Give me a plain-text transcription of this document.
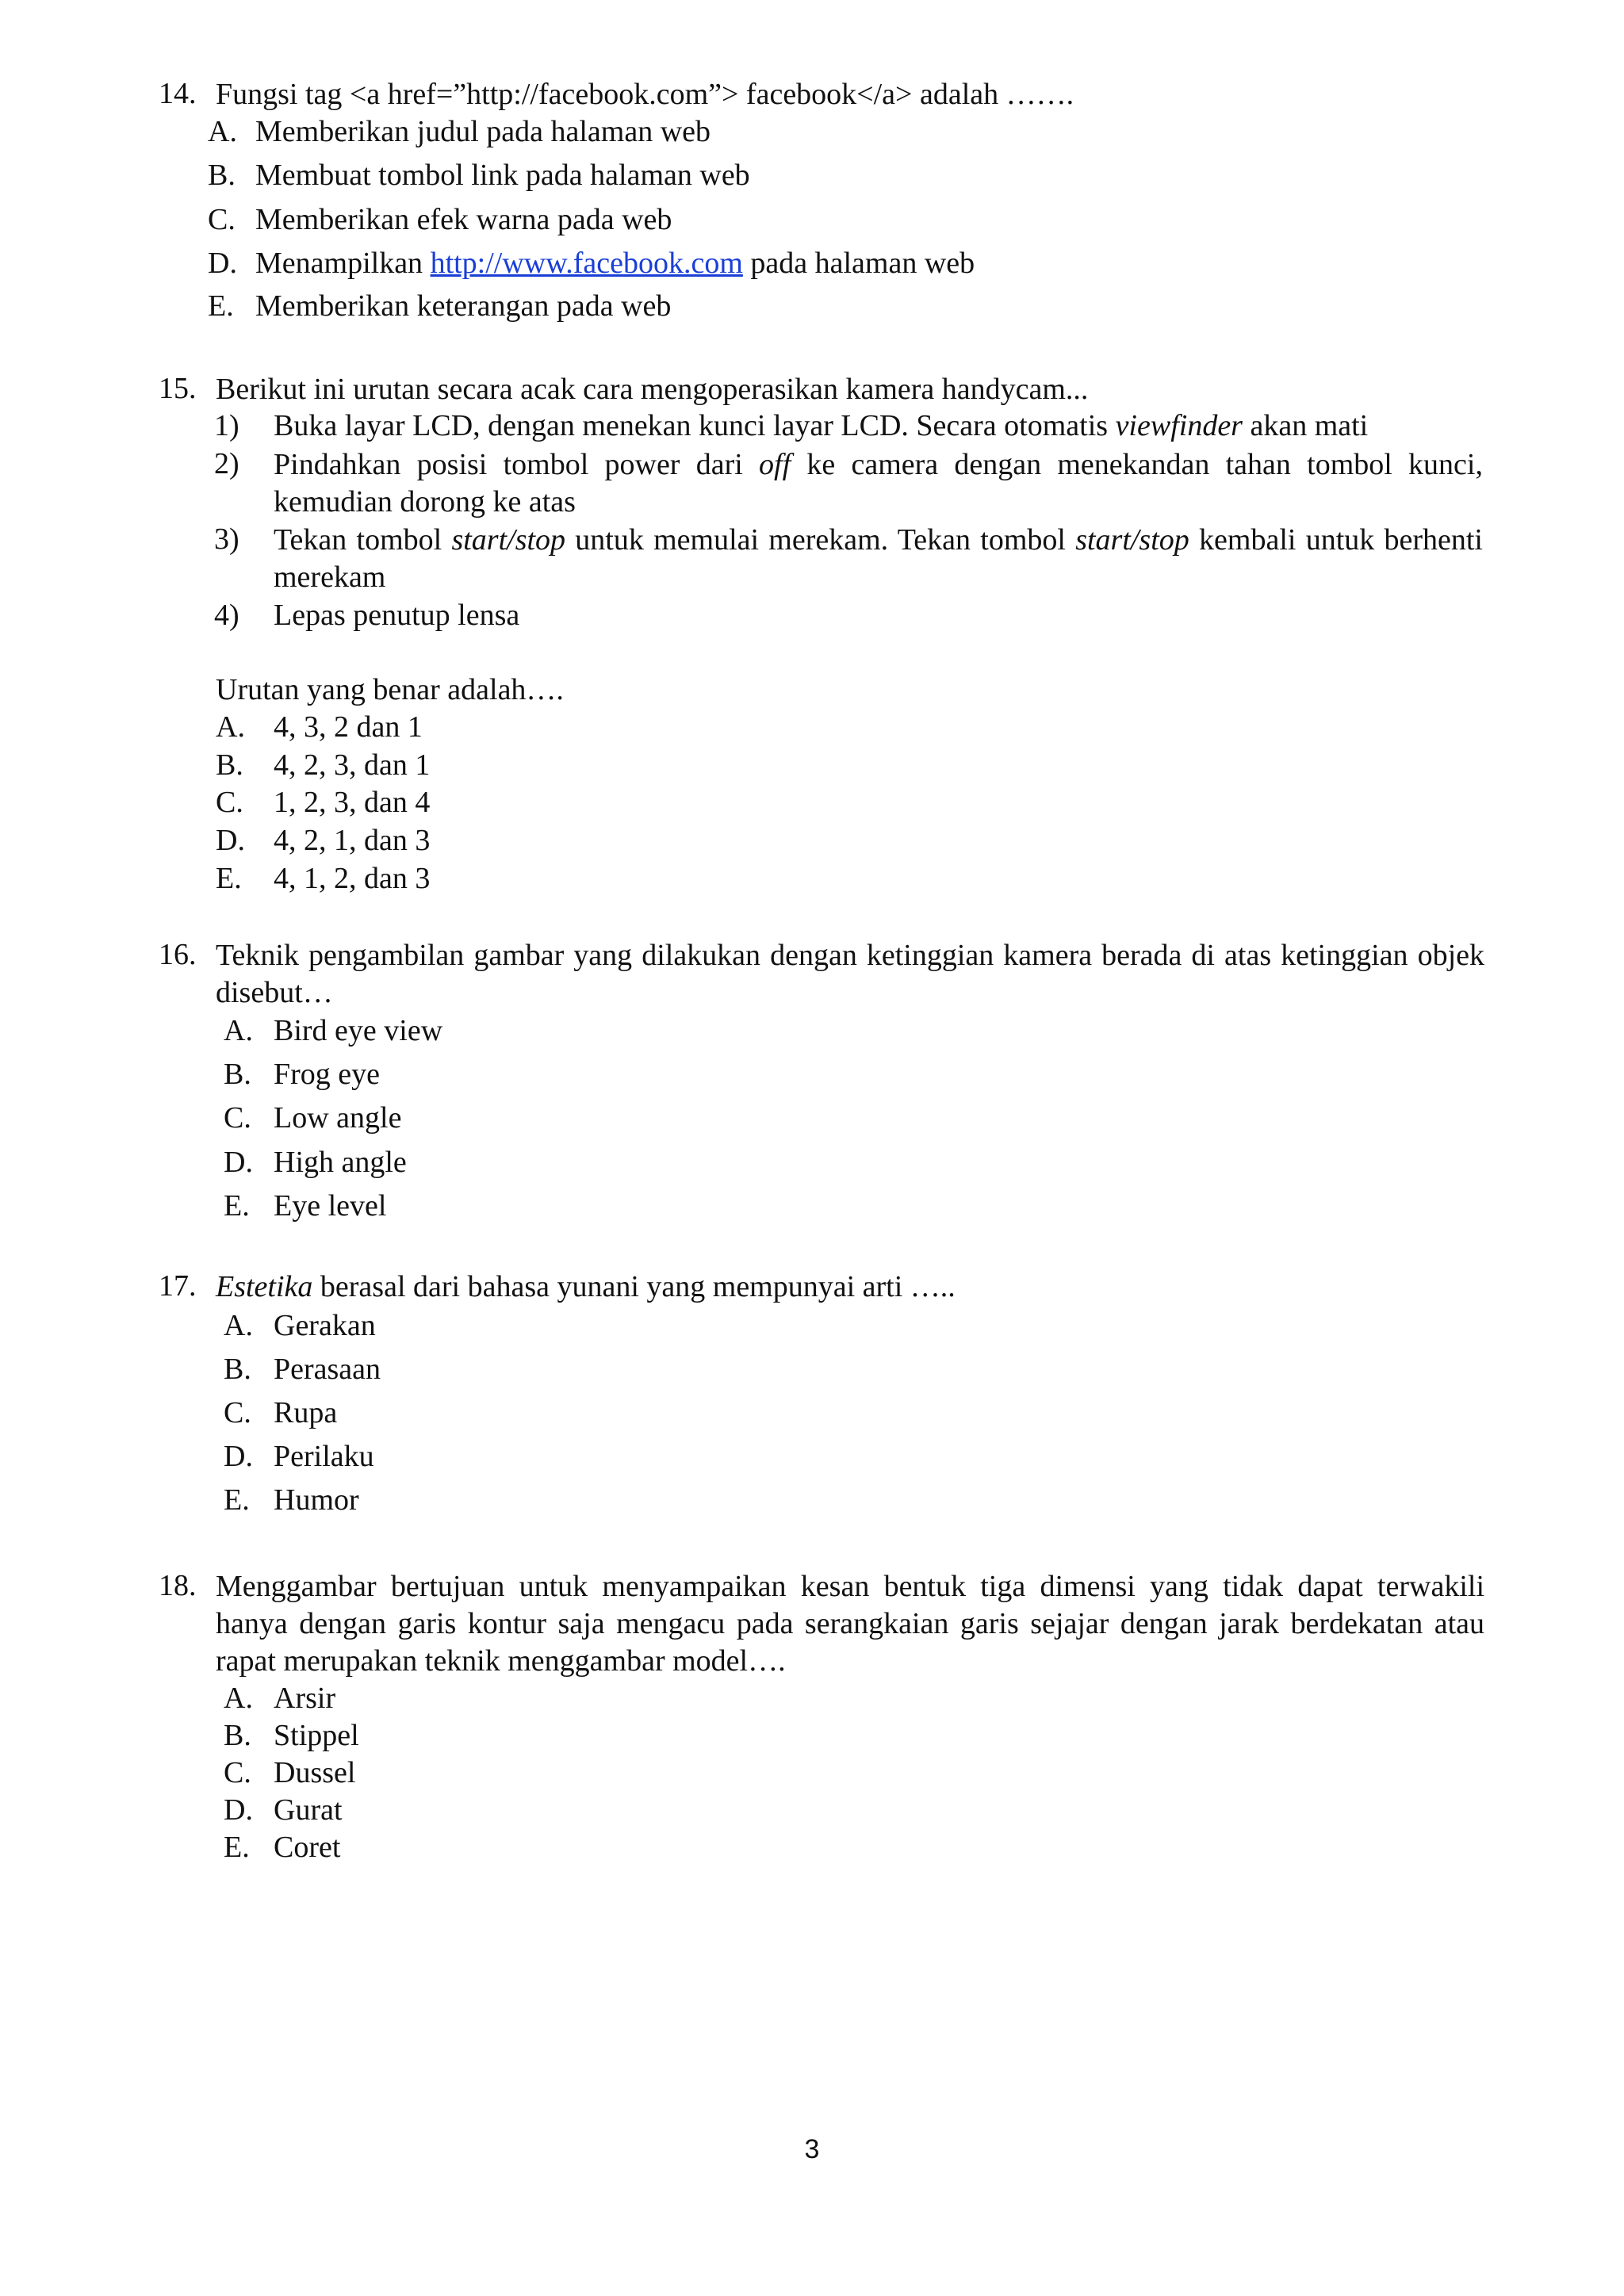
14. Fungsi tag <a href=”http://facebook.com”> facebook</a> adalah …….
A. Memberikan judul pada halaman web
B. Membuat tombol link pada halaman web
C. Memberikan efek warna pada web
D. Menampilkan http://www.facebook.com pada halaman web
E. Memberikan keterangan pada web
15. Berikut ini urutan secara acak cara mengoperasikan kamera handycam...
1) Buka layar LCD, dengan menekan kunci layar LCD. Secara otomatis viewfinder akan mati
2) Pindahkan posisi tombol power dari off ke camera dengan menekandan tahan tombol kunci, kemudian dorong ke atas
3) Tekan tombol start/stop untuk memulai merekam. Tekan tombol start/stop kembali untuk berhenti merekam
4) Lepas penutup lensa
Urutan yang benar adalah….
A. 4, 3, 2 dan 1
B. 4, 2, 3, dan 1
C. 1, 2, 3, dan 4
D. 4, 2, 1, dan 3
E. 4, 1, 2, dan 3
16. Teknik pengambilan gambar yang dilakukan dengan ketinggian kamera berada di atas ketinggian objek disebut…
A. Bird eye view
B. Frog eye
C. Low angle
D. High angle
E. Eye level
17. Estetika berasal dari bahasa yunani yang mempunyai arti …..
A. Gerakan
B. Perasaan
C. Rupa
D. Perilaku
E. Humor
18. Menggambar bertujuan untuk menyampaikan kesan bentuk tiga dimensi yang tidak dapat terwakili hanya dengan garis kontur saja mengacu pada serangkaian garis sejajar dengan jarak berdekatan atau rapat merupakan teknik menggambar model….
A. Arsir
B. Stippel
C. Dussel
D. Gurat
E. Coret
3
